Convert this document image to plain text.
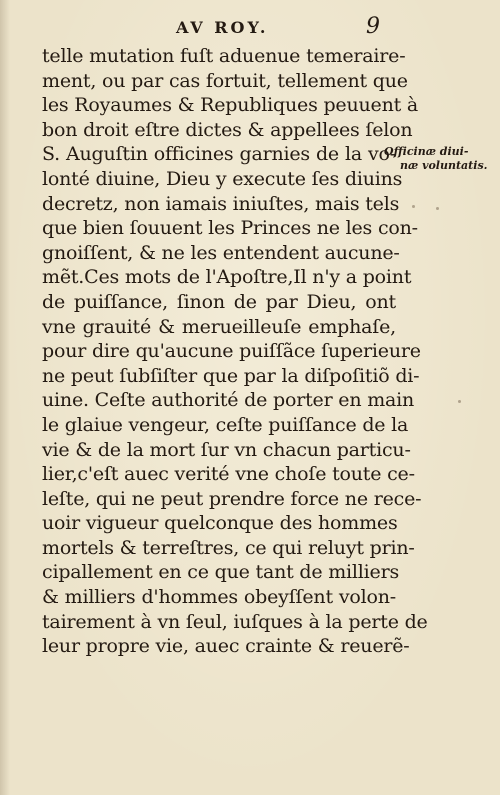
AV ROY.	9
telle mutation fuſt aduenue temeraire-
ment, ou par cas fortuit, tellement que
les Royaumes & Republiques peuuent à
bon droit eſtre dictes & appellees ſelon
S. Auguſtin officines garnies de la vo-
lonté diuine, Dieu y execute ſes diuins
decretz, non iamais iniuſtes, mais tels
que bien ſouuent les Princes ne les con-
gnoiſſent, & ne les entendent aucune-
mẽt.Ces mots de l'Apoſtre,Il n'y a point
de puiſſance, ſinon de par Dieu, ont
vne grauité & merueilleuſe emphaſe,
pour dire qu'aucune puiſſãce ſuperieure
ne peut ſubſiſter que par la diſpoſitiõ di-
uine. Ceſte authorité de porter en main
le glaiue vengeur, ceſte puiſſance de la
vie & de la mort ſur vn chacun particu-
lier,c'eſt auec verité vne choſe toute ce-
leſte, qui ne peut prendre force ne rece-
uoir vigueur quelconque des hommes
mortels & terreſtres, ce qui reluyt prin-
cipallement en ce que tant de milliers
& milliers d'hommes obeyſſent volon-
tairement à vn ſeul, iuſques à la perte de
leur propre vie, auec crainte & reuerẽ-
Officinæ diui-
næ voluntatis.
